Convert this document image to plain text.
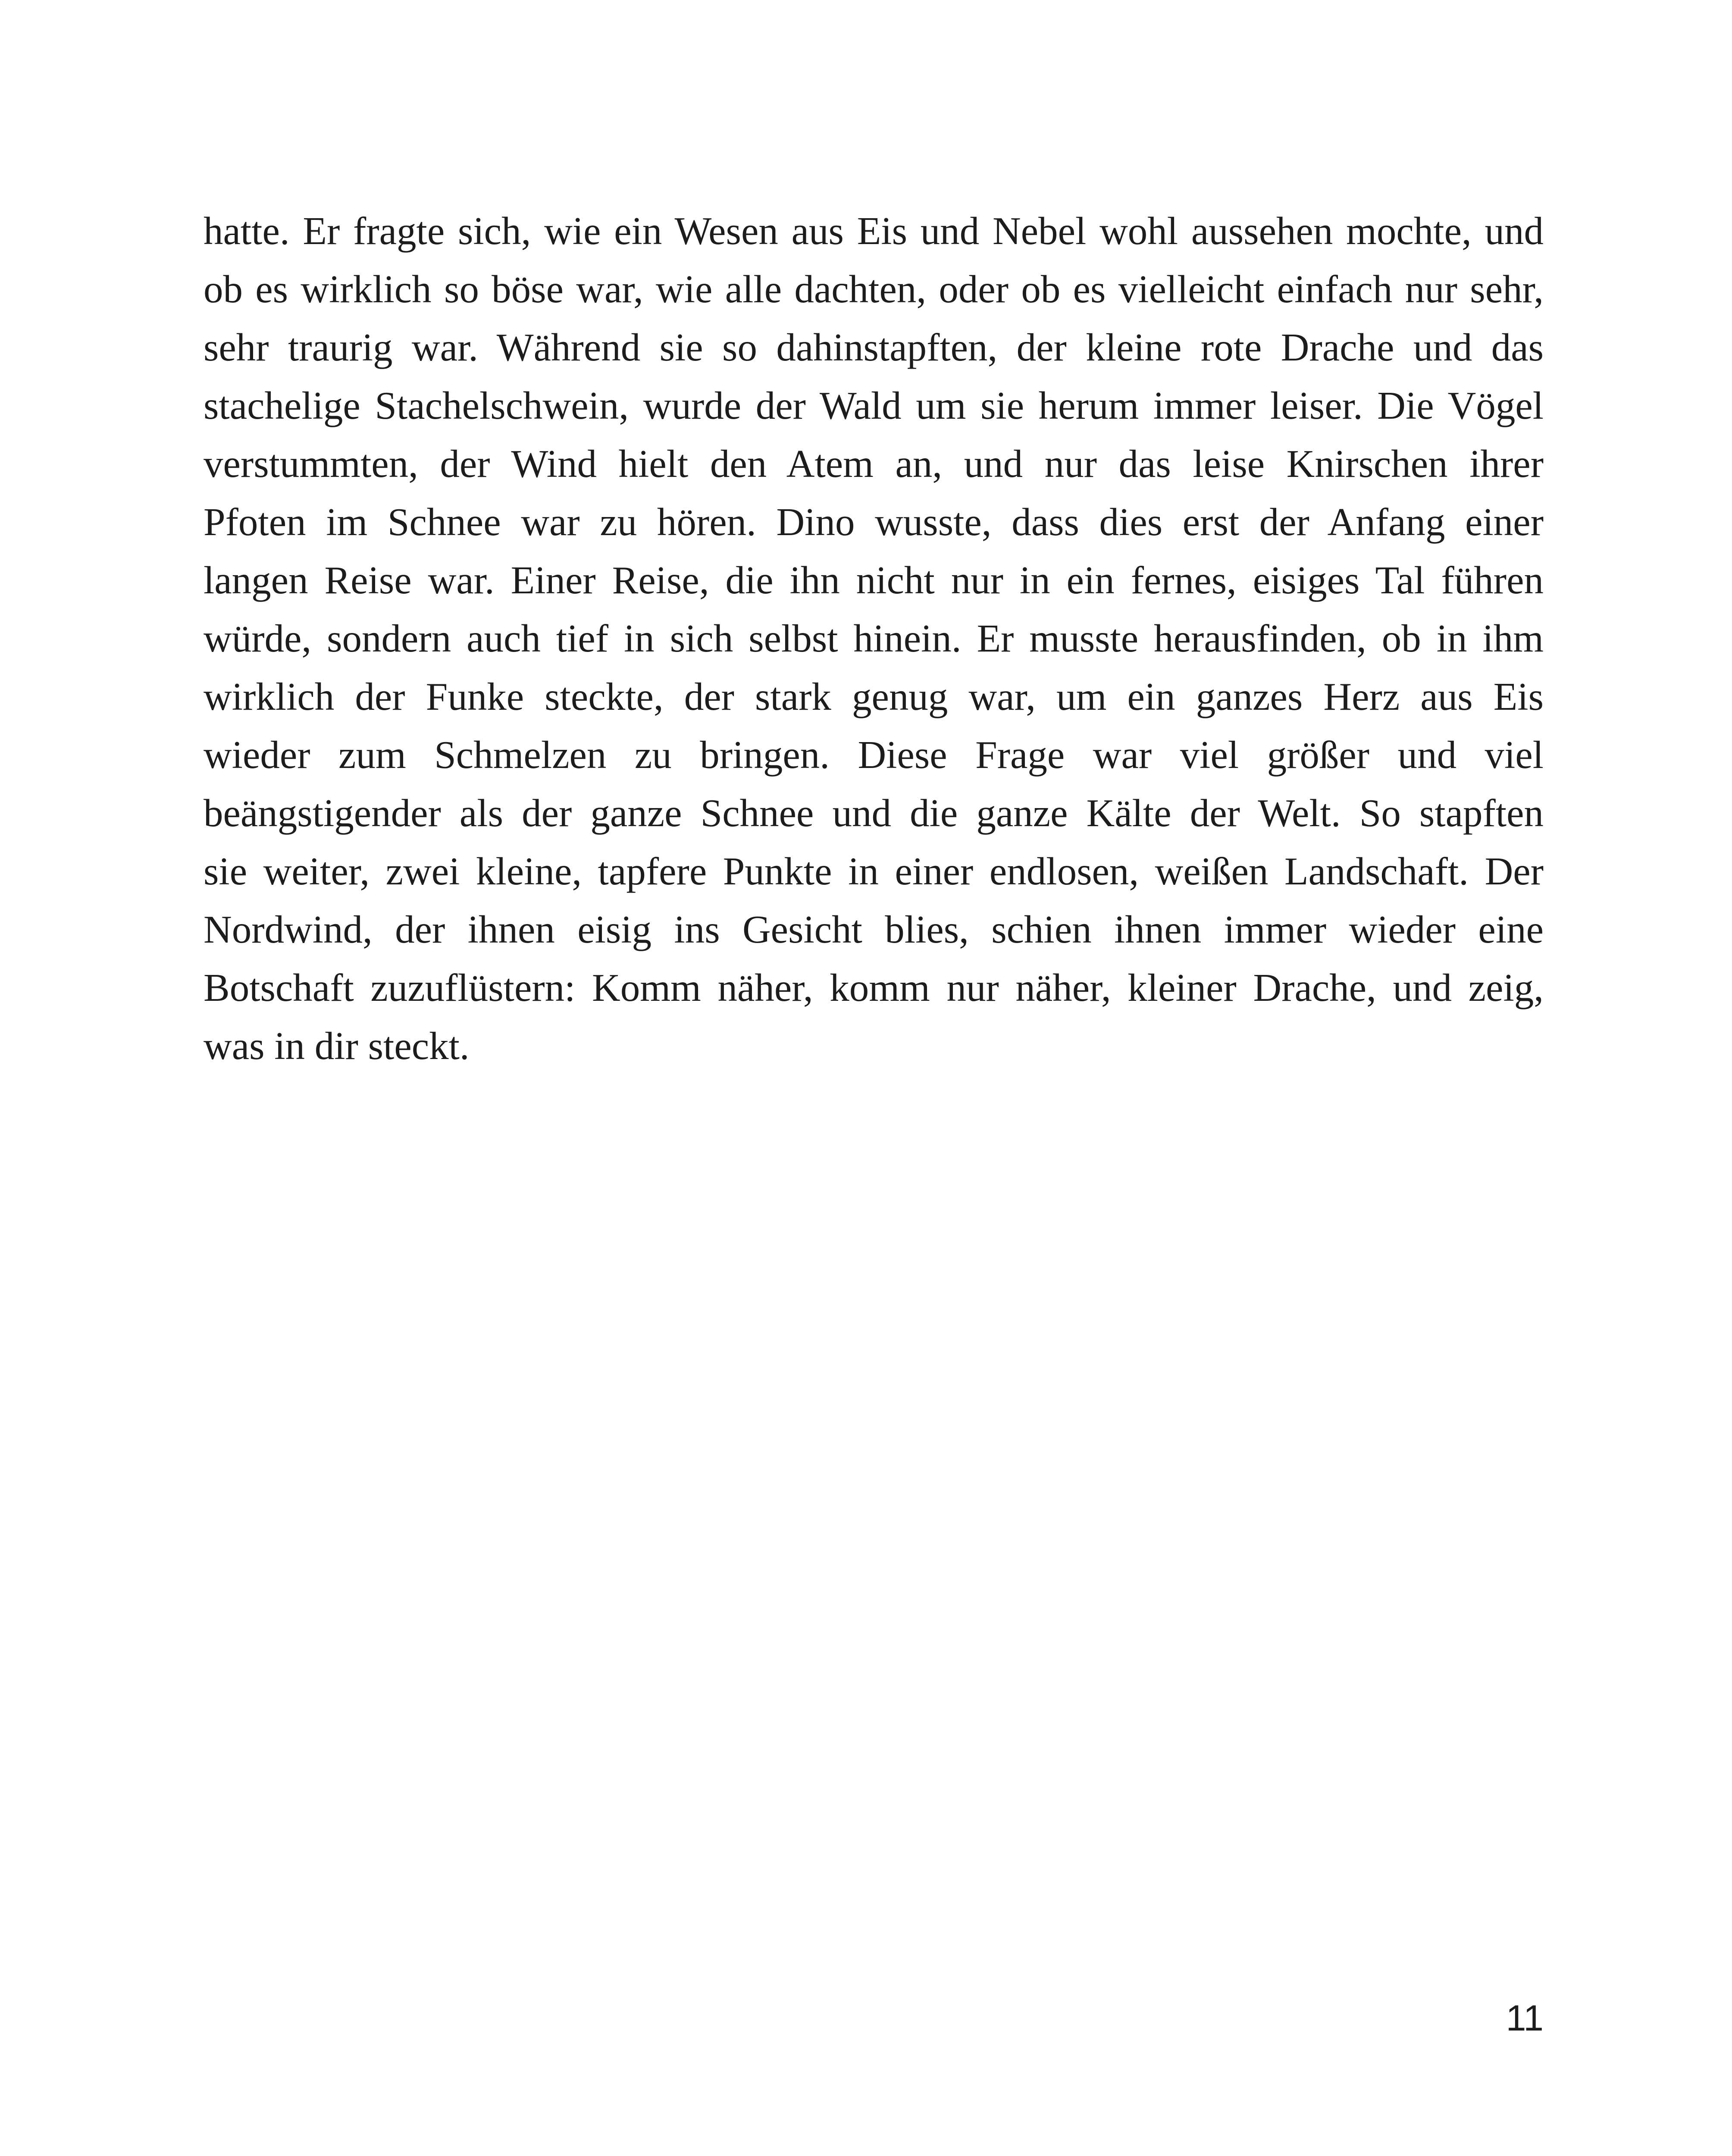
hatte. Er fragte sich, wie ein Wesen aus Eis und Nebel wohl aussehen mochte, und
ob es wirklich so böse war, wie alle dachten, oder ob es vielleicht einfach nur sehr,
sehr traurig war. Während sie so dahinstapften, der kleine rote Drache und das
stachelige Stachelschwein, wurde der Wald um sie herum immer leiser. Die Vögel
verstummten, der Wind hielt den Atem an, und nur das leise Knirschen ihrer
Pfoten im Schnee war zu hören. Dino wusste, dass dies erst der Anfang einer
langen Reise war. Einer Reise, die ihn nicht nur in ein fernes, eisiges Tal führen
würde, sondern auch tief in sich selbst hinein. Er musste herausfinden, ob in ihm
wirklich der Funke steckte, der stark genug war, um ein ganzes Herz aus Eis
wieder zum Schmelzen zu bringen. Diese Frage war viel größer und viel
beängstigender als der ganze Schnee und die ganze Kälte der Welt. So stapften
sie weiter, zwei kleine, tapfere Punkte in einer endlosen, weißen Landschaft. Der
Nordwind, der ihnen eisig ins Gesicht blies, schien ihnen immer wieder eine
Botschaft zuzuflüstern: Komm näher, komm nur näher, kleiner Drache, und zeig,
was in dir steckt.

11
